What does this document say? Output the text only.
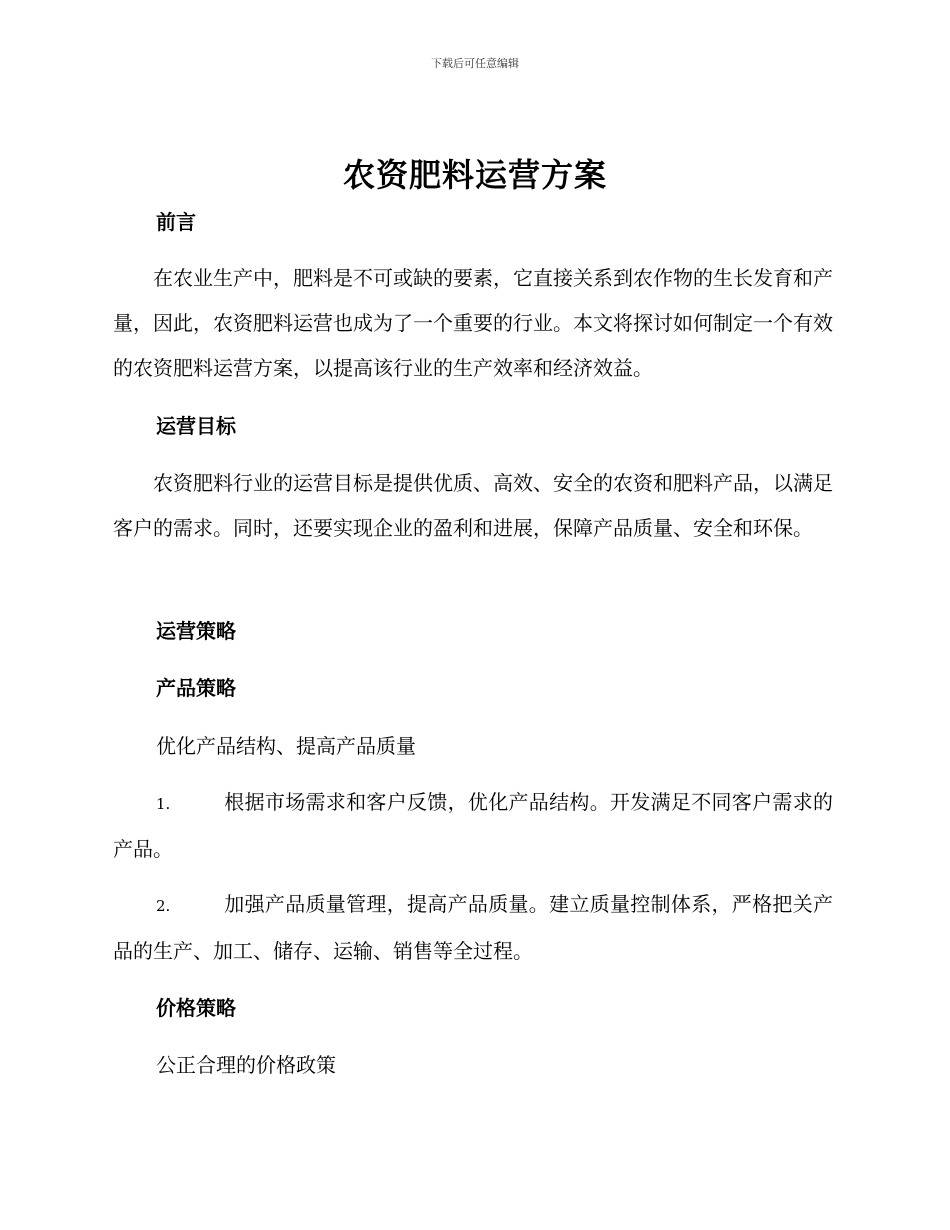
下载后可任意编辑
农资肥料运营方案
前言
在农业生产中，肥料是不可或缺的要素，它直接关系到农作物的生长发育和产量，因此，农资肥料运营也成为了一个重要的行业。本文将探讨如何制定一个有效的农资肥料运营方案，以提高该行业的生产效率和经济效益。
运营目标
农资肥料行业的运营目标是提供优质、高效、安全的农资和肥料产品，以满足客户的需求。同时，还要实现企业的盈利和进展，保障产品质量、安全和环保。
运营策略
产品策略
优化产品结构、提高产品质量
1.	根据市场需求和客户反馈，优化产品结构。开发满足不同客户需求的产品。
2.	加强产品质量管理，提高产品质量。建立质量控制体系，严格把关产品的生产、加工、储存、运输、销售等全过程。
价格策略
公正合理的价格政策
